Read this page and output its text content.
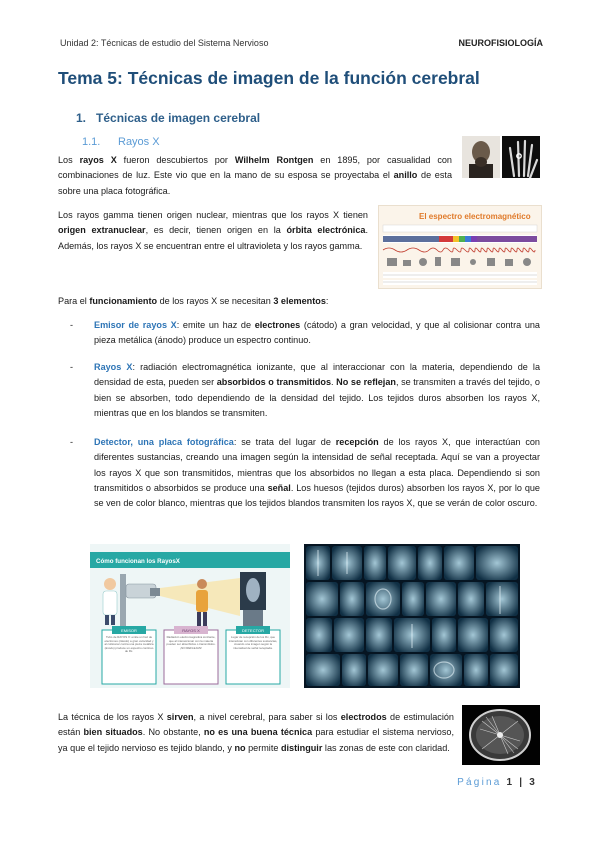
Unidad 2: Técnicas de estudio del Sistema Nervioso	NEUROFISIOLOGÍA
Tema 5: Técnicas de imagen de la función cerebral
1. Técnicas de imagen cerebral
1.1. Rayos X
Los rayos X fueron descubiertos por Wilhelm Rontgen en 1895, por casualidad con combinaciones de luz. Este vio que en la mano de su esposa se proyectaba el anillo de esta sobre una placa fotográfica.
Los rayos gamma tienen origen nuclear, mientras que los rayos X tienen origen extranuclear, es decir, tienen origen en la órbita electrónica. Además, los rayos X se encuentran entre el ultravioleta y los rayos gamma.
El espectro electromagnético
Para el funcionamiento de los rayos X se necesitan 3 elementos:
- Emisor de rayos X: emite un haz de electrones (cátodo) a gran velocidad, y que al colisionar contra una pieza metálica (ánodo) produce un espectro continuo.
- Rayos X: radiación electromagnética ionizante, que al interaccionar con la materia, dependiendo de la densidad de esta, pueden ser absorbidos o transmitidos. No se reflejan, se transmiten a través del tejido, o bien se absorben, todo dependiendo de la densidad del tejido. Los tejidos duros absorben los rayos X, mientras que en los blandos se transmiten.
- Detector, una placa fotográfica: se trata del lugar de recepción de los rayos X, que interactúan con diferentes sustancias, creando una imagen según la intensidad de señal receptada. Aquí se van a proyectar los rayos X que son transmitidos, mientras que los absorbidos no llegan a esta placa. Dependiendo si son transmitidos o absorbidos se produce una señal. Los huesos (tejidos duros) absorben los rayos X, por lo que se ven de color blanco, mientras que los tejidos blandos transmiten los rayos X, que se verán de color oscuro.
Cómo funcionan los RayosX
EMISOR
Tubo de RAYOS X: emite un haz de electrones (cátodo) a gran velocidad y al colisionar contra una pieza metálica (ánodo) produce un espectro continuo de Rx.
RAYOS X
Radiación electromagnética ionizante, que al interaccionar con la materia pueden ser absorbidos o transmitidos. ¡NO REFLEJAN!
DETECTOR
Lugar de recepción de los Rx, que interactúan con diferentes sustancias, creando una imagen según la intensidad de señal receptada.
La técnica de los rayos X sirven, a nivel cerebral, para saber si los electrodos de estimulación están bien situados. No obstante, no es una buena técnica para estudiar el sistema nervioso, ya que el tejido nervioso es tejido blando, y no permite distinguir las zonas de este con claridad.
Página 1 | 3
